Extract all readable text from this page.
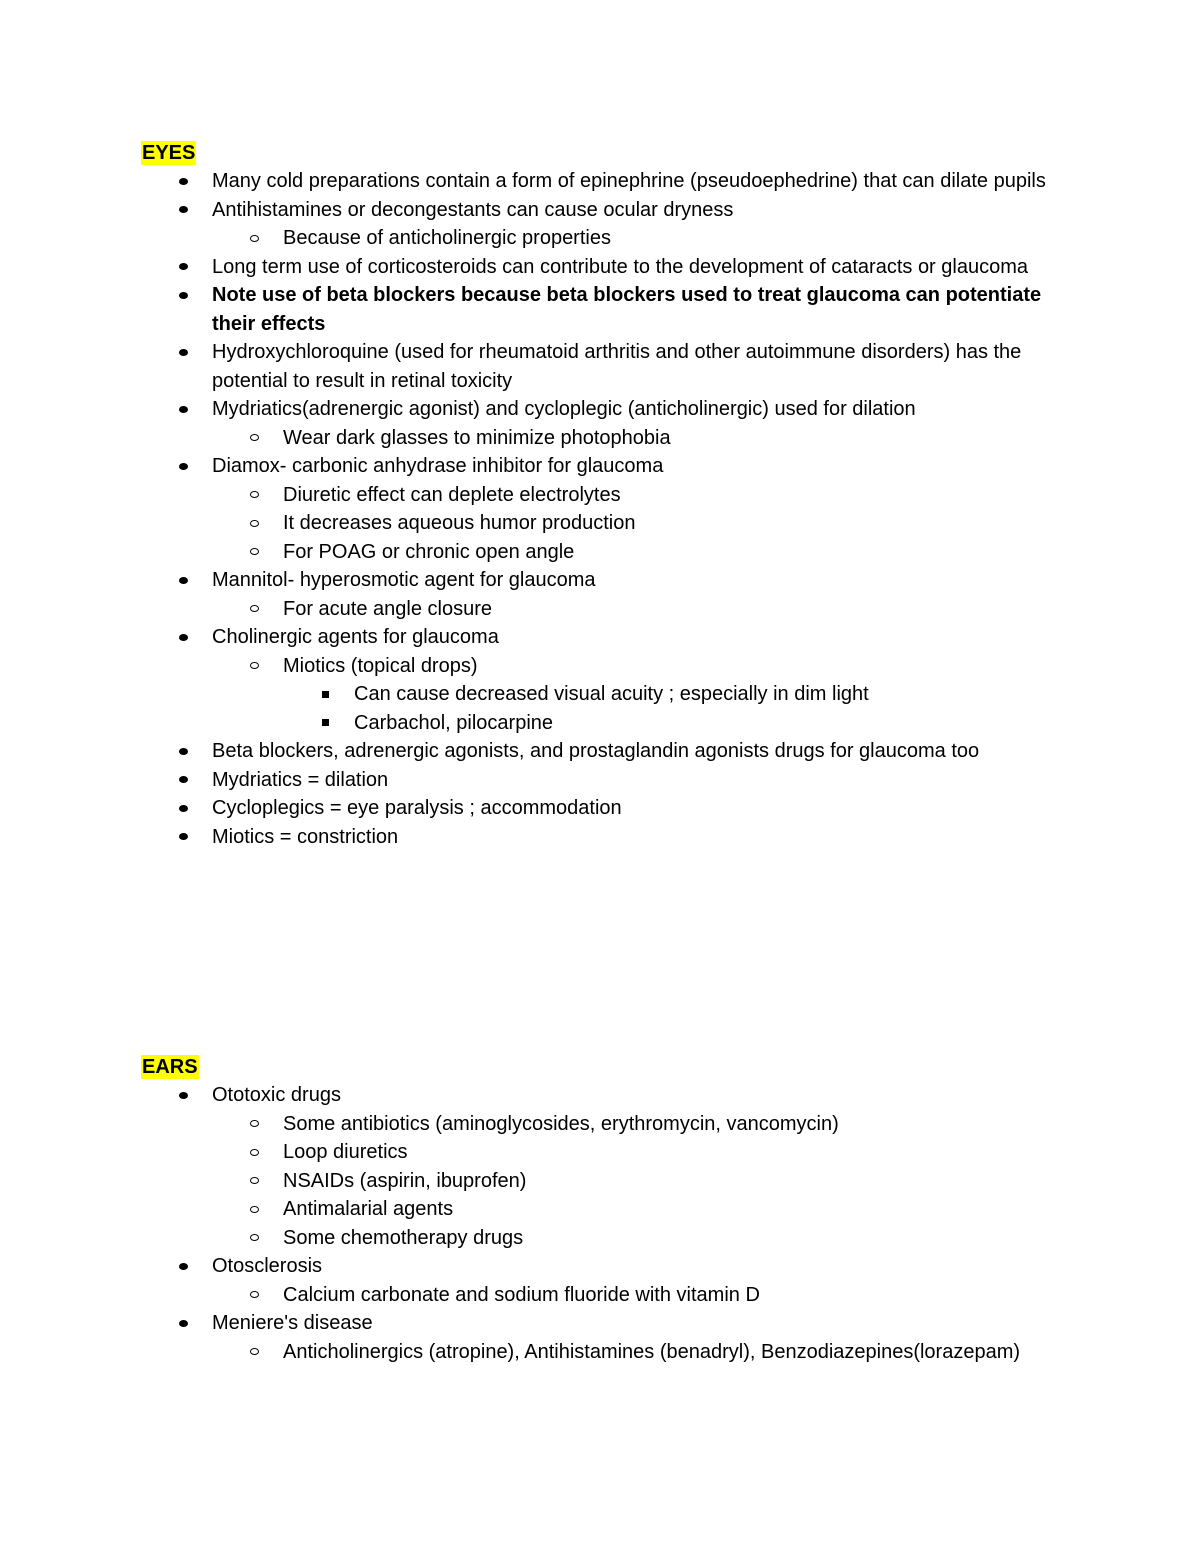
EYES
Many cold preparations contain a form of epinephrine (pseudoephedrine) that can dilate pupils
Antihistamines or decongestants can cause ocular dryness
Because of anticholinergic properties
Long term use of corticosteroids can contribute to the development of cataracts or glaucoma
Note use of beta blockers because beta blockers used to treat glaucoma can potentiate their effects
Hydroxychloroquine (used for rheumatoid arthritis and other autoimmune disorders) has the potential to result in retinal toxicity
Mydriatics(adrenergic agonist) and cycloplegic (anticholinergic) used for dilation
Wear dark glasses to minimize photophobia
Diamox- carbonic anhydrase inhibitor for glaucoma
Diuretic effect can deplete electrolytes
It decreases aqueous humor production
For POAG or chronic open angle
Mannitol- hyperosmotic agent for glaucoma
For acute angle closure
Cholinergic agents for glaucoma
Miotics (topical drops)
Can cause decreased visual acuity ; especially in dim light
Carbachol, pilocarpine
Beta blockers, adrenergic agonists, and prostaglandin agonists drugs for glaucoma too
Mydriatics = dilation
Cycloplegics = eye paralysis ; accommodation
Miotics = constriction
EARS
Ototoxic drugs
Some antibiotics (aminoglycosides, erythromycin, vancomycin)
Loop diuretics
NSAIDs (aspirin, ibuprofen)
Antimalarial agents
Some chemotherapy drugs
Otosclerosis
Calcium carbonate and sodium fluoride with vitamin D
Meniere's disease
Anticholinergics (atropine), Antihistamines (benadryl), Benzodiazepines(lorazepam)
